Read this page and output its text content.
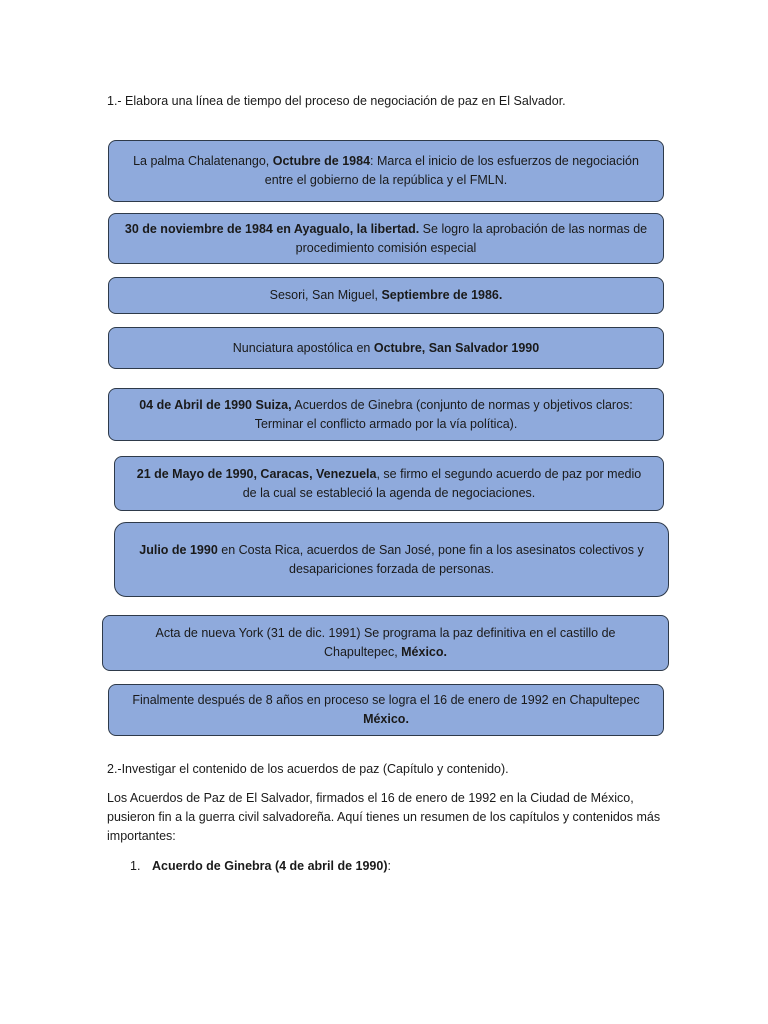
1.- Elabora una línea de tiempo del proceso de negociación de paz en El Salvador.
La palma Chalatenango, Octubre de 1984: Marca el inicio de los esfuerzos de negociación entre el gobierno de la república y el FMLN.
30 de noviembre de 1984 en Ayagualo, la libertad. Se logro la aprobación de las normas de procedimiento comisión especial
Sesori, San Miguel, Septiembre de 1986.
Nunciatura apostólica en Octubre, San Salvador 1990
04 de Abril de 1990 Suiza, Acuerdos de Ginebra (conjunto de normas y objetivos claros: Terminar el conflicto armado por la vía política).
21 de Mayo de 1990, Caracas, Venezuela, se firmo el segundo acuerdo de paz por medio de la cual se estableció la agenda de negociaciones.
Julio de 1990 en Costa Rica, acuerdos de San José, pone fin a los asesinatos colectivos y desapariciones forzada de personas.
Acta de nueva York (31 de dic. 1991) Se programa la paz definitiva en el castillo de Chapultepec, México.
Finalmente después de 8 años en proceso se logra el 16 de enero de 1992 en Chapultepec México.
2.-Investigar el contenido de los acuerdos de paz (Capítulo y contenido).
Los Acuerdos de Paz de El Salvador, firmados el 16 de enero de 1992 en la Ciudad de México, pusieron fin a la guerra civil salvadoreña. Aquí tienes un resumen de los capítulos y contenidos más importantes:
1. Acuerdo de Ginebra (4 de abril de 1990):
